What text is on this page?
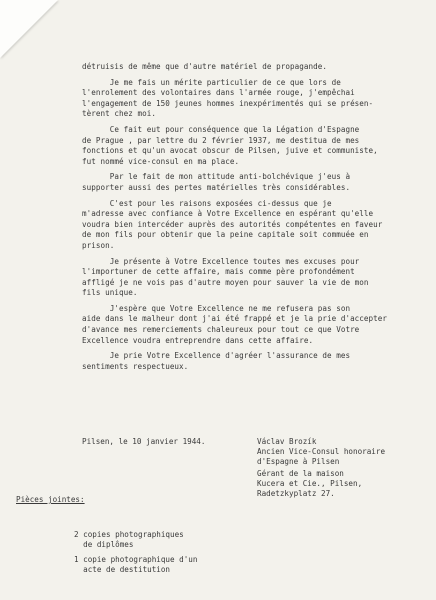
détruisis de même que d'autre matériel de propagande.
Je me fais un mérite particulier de ce que lors de
l'enrolement des volontaires dans l'armée rouge, j'empêchai
l'engagement de 150 jeunes hommes inexpérimentés qui se présen-
tèrent chez moi.
Ce fait eut pour conséquence que la Légation d'Espagne
de Prague , par lettre du 2 février 1937, me destitua de mes
fonctions et qu'un avocat obscur de Pilsen, juive et communiste,
fut nommé vice-consul en ma place.
Par le fait de mon attitude anti-bolchévique j'eus à
supporter aussi des pertes matérielles très considérables.
C'est pour les raisons exposées ci-dessus que je
m'adresse avec confiance à Votre Excellence en espérant qu'elle
voudra bien intercéder auprès des autorités compétentes en faveur
de mon fils pour obtenir que la peine capitale soit commuée en
prison.
Je présente à Votre Excellence toutes mes excuses pour
l'importuner de cette affaire, mais comme père profondément
affligé je ne vois pas d'autre moyen pour sauver la vie de mon
fils unique.
J'espère que Votre Excellence ne me refusera pas son
aide dans le malheur dont j'ai été frappé et je la prie d'accepter
d'avance mes remerciements chaleureux pour tout ce que Votre
Excellence voudra entreprendre dans cette affaire.
Je prie Votre Excellence d'agréer l'assurance de mes
sentiments respectueux.
Pilsen, le 10 janvier 1944.	Václav Brozík
Ancien Vice-Consul honoraire
d'Espagne à Pilsen
Gérant de la maison
Kucera et Cie., Pilsen,
Radetzkyplatz 27.

Pièces jointes:

2 copies photographiques
de diplômes
1 copie photographique d'un
acte de destitution
